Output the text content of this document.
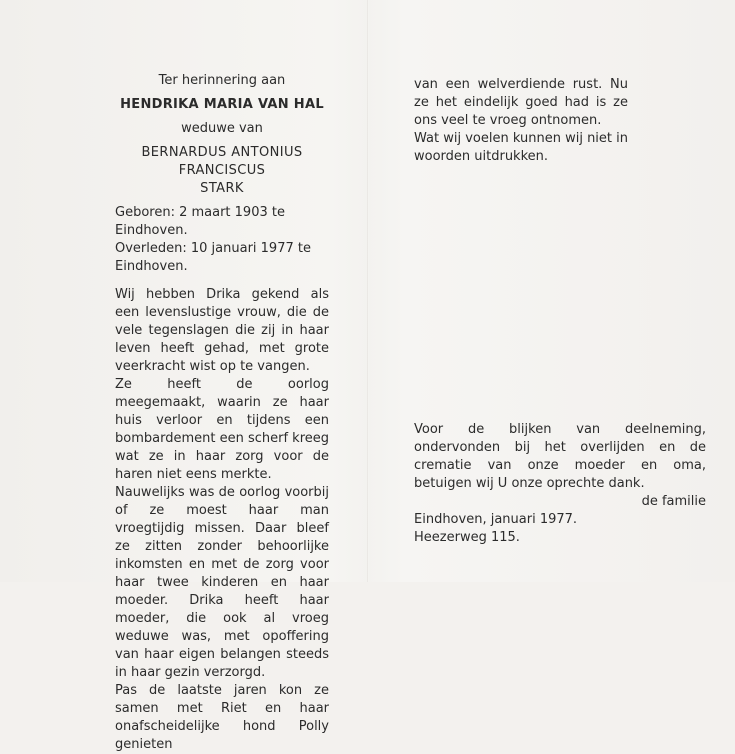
Ter herinnering aan

HENDRIKA MARIA VAN HAL

weduwe van

BERNARDUS ANTONIUS FRANCISCUS

STARK

Geboren: 2 maart 1903 te Eindhoven.

Overleden: 10 januari 1977 te Eindhoven.

Wij hebben Drika gekend als een levenslustige vrouw, die de vele tegenslagen die zij in haar leven heeft gehad, met grote veerkracht wist op te vangen.

Ze heeft de oorlog meegemaakt, waarin ze haar huis verloor en tijdens een bombardement een scherf kreeg wat ze in haar zorg voor de haren niet eens merkte.

Nauwelijks was de oorlog voorbij of ze moest haar man vroegtijdig missen. Daar bleef ze zitten zonder behoorlijke inkomsten en met de zorg voor haar twee kinderen en haar moeder. Drika heeft haar moeder, die ook al vroeg weduwe was, met opoffering van haar eigen belangen steeds in haar gezin verzorgd.

Pas de laatste jaren kon ze samen met Riet en haar onafscheidelijke hond Polly genieten

van een welverdiende rust. Nu ze het eindelijk goed had is ze ons veel te vroeg ontnomen.

Wat wij voelen kunnen wij niet in woorden uitdrukken.

Voor de blijken van deelneming, ondervonden bij het overlijden en de crematie van onze moeder en oma, betuigen wij U onze oprechte dank.

de familie

Eindhoven, januari 1977.

Heezerweg 115.
